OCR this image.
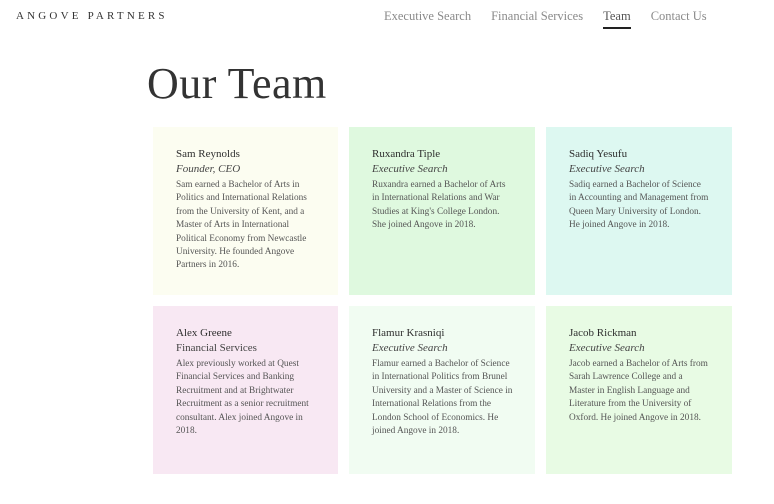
ANGOVE PARTNERS	Executive Search Financial Services Team Contact Us
Our Team
Sam Reynolds
Founder, CEO

Sam earned a Bachelor of Arts in Politics and International Relations from the University of Kent, and a Master of Arts in International Political Economy from Newcastle University. He founded Angove Partners in 2016.

Ruxandra Tiple
Executive Search

Ruxandra earned a Bachelor of Arts in International Relations and War Studies at King's College London. She joined Angove in 2018.

Sadiq Yesufu
Executive Search

Sadiq earned a Bachelor of Science in Accounting and Management from Queen Mary University of London. He joined Angove in 2018.

Alex Greene
Financial Services

Alex previously worked at Quest Financial Services and Banking Recruitment and at Brightwater Recruitment as a senior recruitment consultant. Alex joined Angove in 2018.

Flamur Krasniqi
Executive Search

Flamur earned a Bachelor of Science in International Politics from Brunel University and a Master of Science in International Relations from the London School of Economics. He joined Angove in 2018.

Jacob Rickman
Executive Search

Jacob earned a Bachelor of Arts from Sarah Lawrence College and a Master in English Language and Literature from the University of Oxford. He joined Angove in 2018.
